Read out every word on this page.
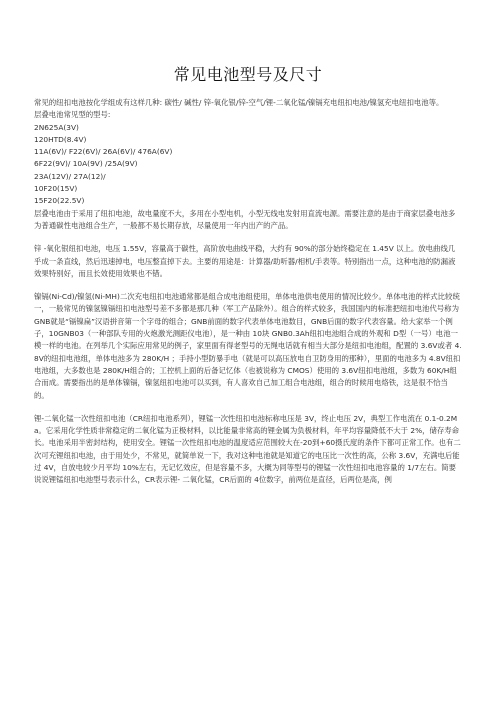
常见电池型号及尺寸

常见的纽扣电池按化学组成有这样几种: 碳性/ 碱性/ 锌-氧化银/锌-空气/锂-二氧化锰/镍镉充电纽扣电池/镍氢充电纽扣电池等。

层叠电池常见型的型号:

2N625A(3V)

120HTD(8.4V)

11A(6V)/ F22(6V)/ 26A(6V)/ 476A(6V)

6F22(9V)/ 10A(9V) /25A(9V)

23A(12V)/ 27A(12)/

10F20(15V)

15F20(22.5V)

层叠电池由于采用了纽扣电池，故电量度不大，多用在小型电机，小型无线电发射用直流电源。需要注意的是由于商家层叠电池多为普通碳性电池组合生产，一般都不易长期存放，尽量使用一年内出产的产品。

锌 -氧化银纽扣电池，电压 1.55V，容量高于碳性，高阶放电曲线平稳，大约有 90%的部分始终稳定在 1.45V 以上。放电曲线几乎成一条直线，然后迅速掉电，电压整直掉下去。主要的用途是：计算器/助听器/相机/手表等。特别指出一点，这种电池的防漏液效果特别好，而且长效使用效果也不错。

镍镉(Ni-Cd)/镍氢(Ni-MH)二次充电纽扣电池通常都是组合成电池组使用，单体电池供电使用的情况比较少。单体电池的样式比较统一，一般常见的镍氢镍镉纽扣电池型号差不多都是那几种（军工产品除外）。组合的样式较多，我国国内的标准把纽扣电池代号称为 GNB就是“镉镍扁”汉语拼音第一个字母的组合；GNB前面的数字代表单体电池数目，GNB后面的数字代表容量。给大家举一个例子，10GNB03（一种部队专用的火炮激光测距仪电池），是一种由 10块 GNB0.3Ah纽扣电池组合成的外观和 D型（一号）电池一模一样的电池。在列举几个实际应用常见的例子，家里面有得老型号的无绳电话就有相当大部分是纽扣电池组，配置的 3.6V或者 4.8V的纽扣电池组，单体电池多为 280K/H ；手持小型防暴手电（就是可以高压放电自卫防身用的那种），里面的电池多为 4.8V纽扣电池组，大多数也是 280K/H组合的；工控机上面的后备记忆体（也被说称为 CMOS）使用的 3.6V纽扣电池组，多数为 60K/H组合而成。需要指出的是单体镍镉，镍氢纽扣电池可以买到，有人喜欢自己加工组合电池组，组合的时候用电烙铁，这是很不恰当的。

锂-二氧化锰一次性纽扣电池（CR纽扣电池系列），锂锰一次性纽扣电池标称电压是 3V，终止电压 2V，典型工作电流在 0.1-0.2Ma。它采用化学性质非常稳定的二氧化锰为正极材料，以比能量非常高的锂金属为负极材料，年平均容量降低不大于 2%，储存寿命长。电池采用半密封结构，使用安全。锂锰一次性纽扣电池的温度适应范围较大在-20到+60摄氏度的条件下都可正常工作。也有二次可充锂纽扣电池，由于用处少，不常见，就简单说一下，我对这种电池就是知道它的电压比一次性的高，公称 3.6V，充满电后能过 4V，自放电较少月平均 10%左右，无记忆效应，但是容量不多，大概为同等型号的锂锰一次性纽扣电池容量的 1/7左右。简要说说锂锰纽扣电池型号表示什么，CR表示锂- 二氧化锰，CR后面的 4位数字，前两位是直径，后两位是高，例
